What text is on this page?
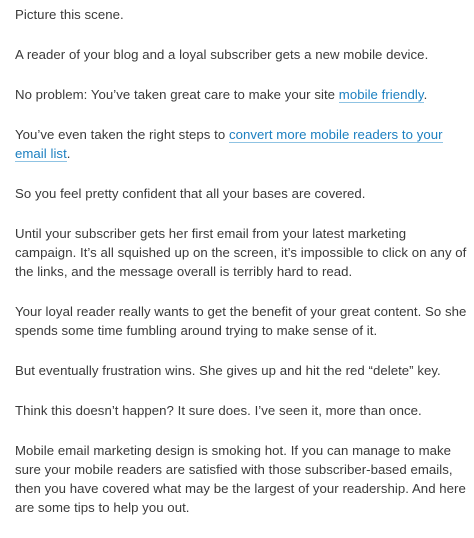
Picture this scene.

A reader of your blog and a loyal subscriber gets a new mobile device.

No problem: You’ve taken great care to make your site mobile friendly.

You’ve even taken the right steps to convert more mobile readers to your email list.

So you feel pretty confident that all your bases are covered.

Until your subscriber gets her first email from your latest marketing campaign. It’s all squished up on the screen, it’s impossible to click on any of the links, and the message overall is terribly hard to read.

Your loyal reader really wants to get the benefit of your great content. So she spends some time fumbling around trying to make sense of it.

But eventually frustration wins. She gives up and hit the red “delete” key.

Think this doesn’t happen? It sure does. I’ve seen it, more than once.

Mobile email marketing design is smoking hot. If you can manage to make sure your mobile readers are satisfied with those subscriber-based emails, then you have covered what may be the largest of your readership. And here are some tips to help you out.
